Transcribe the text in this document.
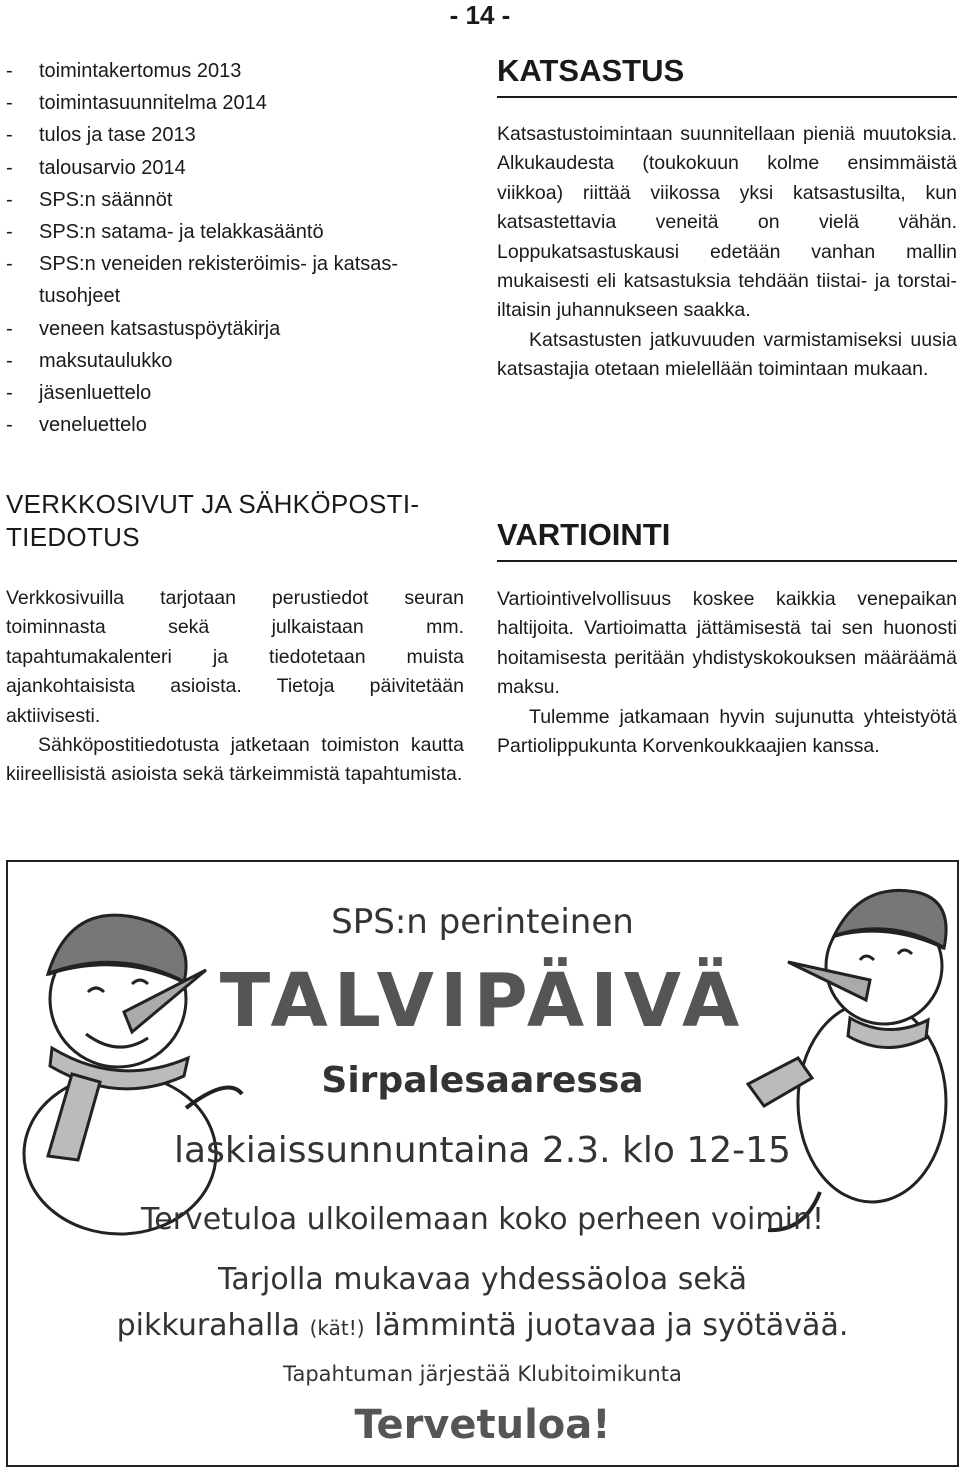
- 14 -
- toimintakertomus 2013
- toimintasuunnitelma 2014
- tulos ja tase 2013
- talousarvio 2014
- SPS:n säännöt
- SPS:n satama- ja telakkasääntö
- SPS:n veneiden rekisteröimis- ja katsas-
tusohjeet
- veneen katsastuspöytäkirja
- maksutaulukko
- jäsenluettelo
- veneluettelo
VERKKOSIVUT JA SÄHKÖPOSTI-
TIEDOTUS

Verkkosivuilla tarjotaan perustiedot seuran toiminnasta sekä julkaistaan mm. tapahtumakalenteri ja tiedotetaan muista ajankohtaisista asioista. Tietoja päivitetään aktiivisesti.

Sähköpostitiedotusta jatketaan toimiston kautta kiireellisistä asioista sekä tärkeimmistä tapahtumista.

KATSASTUS

Katsastustoimintaan suunnitellaan pieniä muutoksia. Alkukaudesta (toukokuun kolme ensimmäistä viikkoa) riittää viikossa yksi katsastusilta, kun katsastettavia veneitä on vielä vähän. Loppukatsastuskausi edetään vanhan mallin mukaisesti eli katsastuksia tehdään tiistai- ja torstai-iltaisin juhannukseen saakka.

Katsastusten jatkuvuuden varmistamiseksi uusia katsastajia otetaan mielellään toimintaan mukaan.

VARTIOINTI

Vartiointivelvollisuus koskee kaikkia venepaikan haltijoita. Vartioimatta jättämisestä tai sen huonosti hoitamisesta peritään yhdistyskokouksen määräämä maksu.

Tulemme jatkamaan hyvin sujunutta yhteistyötä Partiolippukunta Korvenkoukkaajien kanssa.

SPS:n perinteinen
TALVIPÄIVÄ
Sirpalesaaressa
laskiaissunnuntaina 2.3. klo 12-15
Tervetuloa ulkoilemaan koko perheen voimin!
Tarjolla mukavaa yhdessäoloa sekä
pikkurahalla (kät!) lämmintä juotavaa ja syötävää.
Tapahtuman järjestää Klubitoimikunta
Tervetuloa!
